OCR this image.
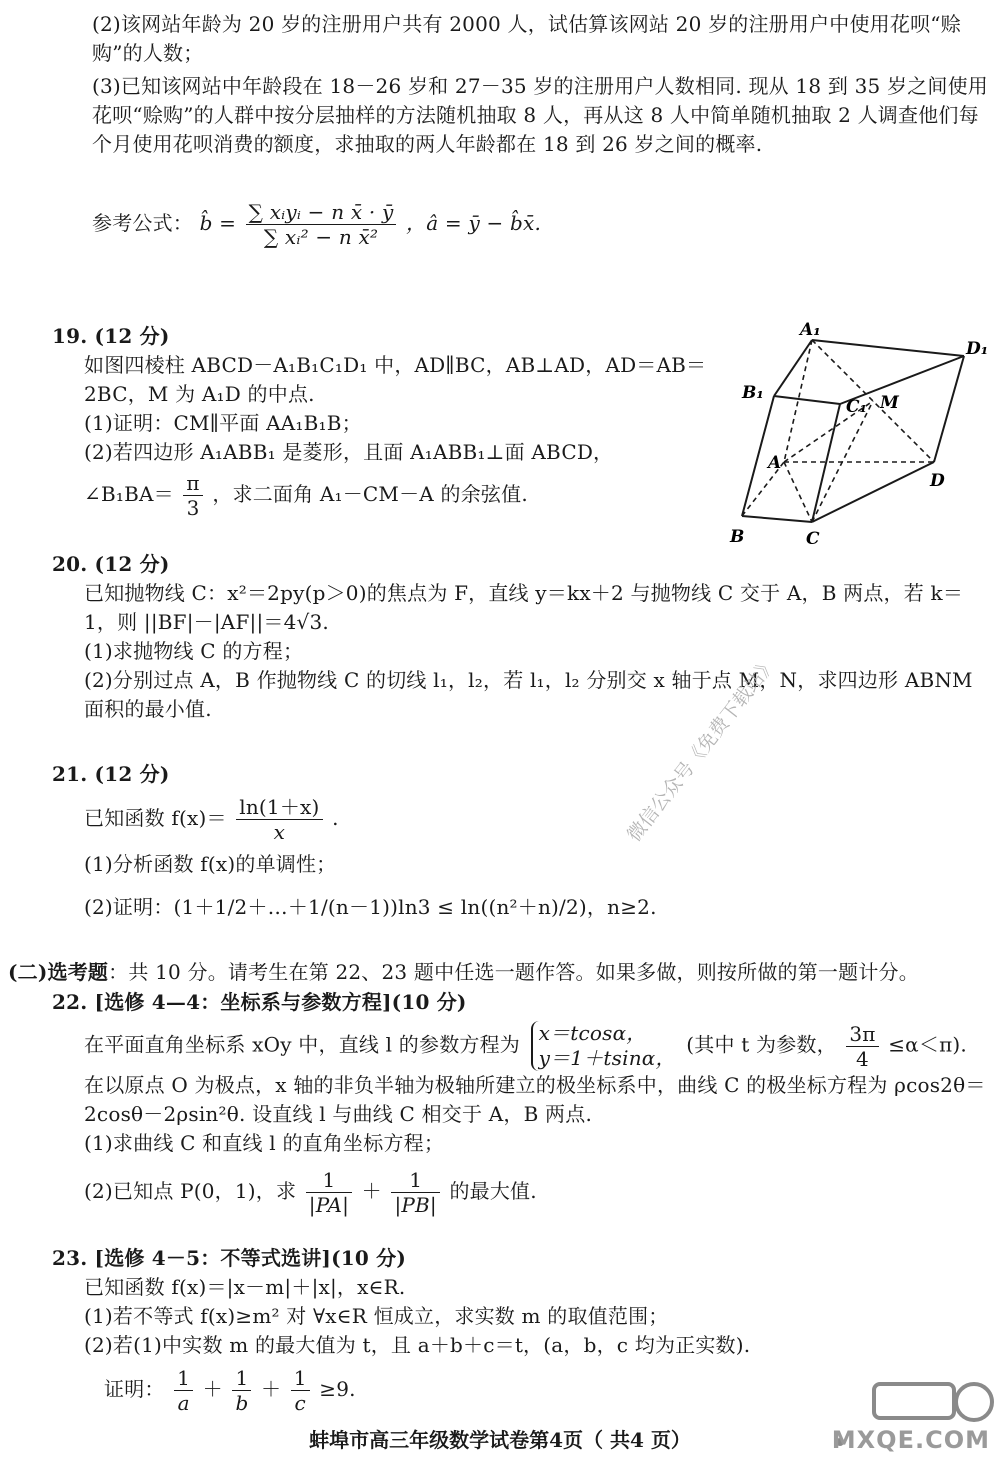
(2)该网站年龄为 20 岁的注册用户共有 2000 人，试估算该网站 20 岁的注册用户中使用花呗“赊购”的人数；
(3)已知该网站中年龄段在 18－26 岁和 27－35 岁的注册用户人数相同. 现从 18 到 35 岁之间使用花呗“赊购”的人群中按分层抽样的方法随机抽取 8 人，再从这 8 人中简单随机抽取 2 人调查他们每个月使用花呗消费的额度，求抽取的两人年龄都在 18 到 26 岁之间的概率.
参考公式： b̂ = $\frac{\text{∑ xᵢyᵢ − n x̄ · ȳ}}{\text{∑ xᵢ² − n x̄²}}$ ，â = ȳ − b̂x̄.
19. (12 分)
如图四棱柱 ABCD－A₁B₁C₁D₁ 中，AD∥BC，AB⊥AD，AD＝AB＝2BC，M 为 A₁D 的中点.
(1)证明：CM∥平面 AA₁B₁B；
(2)若四边形 A₁ABB₁ 是菱形，且面 A₁ABB₁⊥面 ABCD，
∠B₁BA＝ $\frac{\pi}{3}$ ，求二面角 A₁－CM－A 的余弦值.
A₁
D₁
B₁
C₁ M
A
D
B	C
20. (12 分)
已知抛物线 C：x²＝2py(p＞0)的焦点为 F，直线 y＝kx＋2 与抛物线 C 交于 A，B 两点，若 k＝1，则 ||BF|－|AF||＝4√3.
(1)求抛物线 C 的方程；
(2)分别过点 A，B 作抛物线 C 的切线 l₁，l₂，若 l₁，l₂ 分别交 x 轴于点 M，N，求四边形 ABNM 面积的最小值.
21. (12 分)
已知函数 $f(x)= \frac{\ln(1+x)}{x}$ .
(1)分析函数 f(x)的单调性；
(2)证明：(1＋1/2＋…＋1/(n－1))ln3 ≤ ln((n²＋n)/2)，n≥2.
微信公众号《免费下载站》
(二)选考题：共 10 分。请考生在第 22、23 题中任选一题作答。如果多做，则按所做的第一题计分。
22. [选修 4—4：坐标系与参数方程](10 分)
在平面直角坐标系 xOy 中，直线 l 的参数方程为 x＝tcosα，
y＝1＋tsinα，
(其中 t 为参数， $\frac{3\pi}{4} \le\alpha<\pi$). 在以原点 O 为极点，x 轴的非负半轴为极轴所建立的极坐标系中，曲线 C 的极坐标方程为 ρcos2θ＝2cosθ－2ρsin²θ. 设直线 l 与曲线 C 相交于 A，B 两点.
(1)求曲线 C 和直线 l 的直角坐标方程；
(2)已知点 P(0，1)，求 $\frac{1}{|PA|} + \frac{1}{|PB|}$ 的最大值.
23. [选修 4－5：不等式选讲](10 分)
已知函数 f(x)＝|x－m|＋|x|，x∈R.
(1)若不等式 f(x)≥m² 对 ∀x∈R 恒成立，求实数 m 的取值范围；
(2)若(1)中实数 m 的最大值为 t，且 a＋b＋c＝t，(a，b，c 均为正实数).
证明： $\frac{1}{a} + \frac{1}{b} + \frac{1}{c} \ge 9$.
蚌埠市高三年级数学试卷第4页（ 共4 页）	MXQE.COM
